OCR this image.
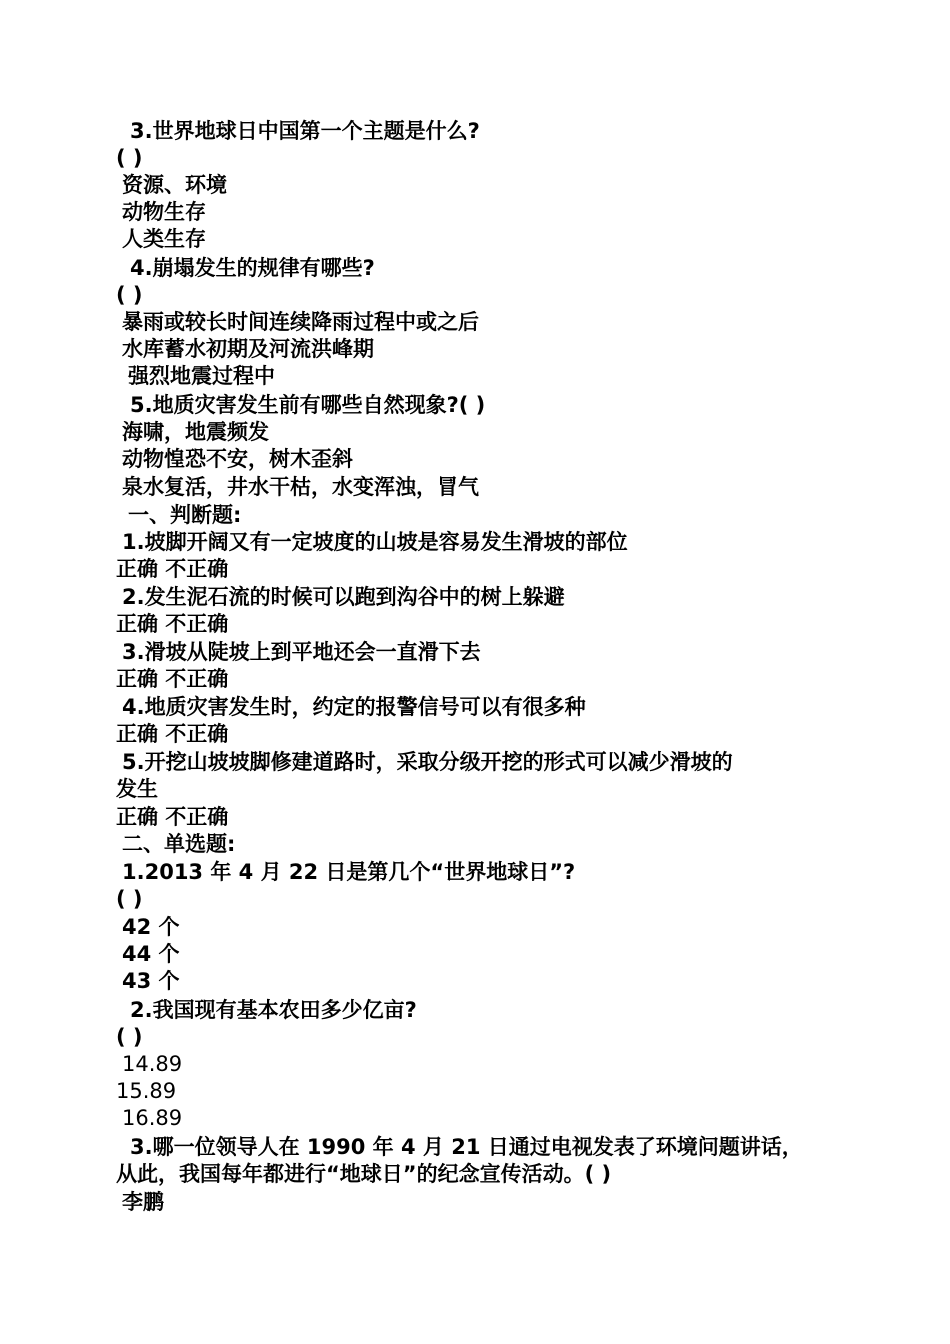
3.世界地球日中国第一个主题是什么?
( )
资源、环境
动物生存
人类生存
4.崩塌发生的规律有哪些?
( )
暴雨或较长时间连续降雨过程中或之后
水库蓄水初期及河流洪峰期
强烈地震过程中
5.地质灾害发生前有哪些自然现象?( )
海啸，地震频发
动物惶恐不安，树木歪斜
泉水复活，井水干枯，水变浑浊，冒气
一、判断题:
1.坡脚开阔又有一定坡度的山坡是容易发生滑坡的部位
正确 不正确
2.发生泥石流的时候可以跑到沟谷中的树上躲避
正确 不正确
3.滑坡从陡坡上到平地还会一直滑下去
正确 不正确
4.地质灾害发生时，约定的报警信号可以有很多种
正确 不正确
5.开挖山坡坡脚修建道路时，采取分级开挖的形式可以减少滑坡的
发生
正确 不正确
二、单选题:
1.2013 年 4 月 22 日是第几个“世界地球日”?
( )
42 个
44 个
43 个
2.我国现有基本农田多少亿亩?
( )
14.89
15.89
16.89
3.哪一位领导人在 1990 年 4 月 21 日通过电视发表了环境问题讲话，
从此，我国每年都进行“地球日”的纪念宣传活动。( )
李鹏
